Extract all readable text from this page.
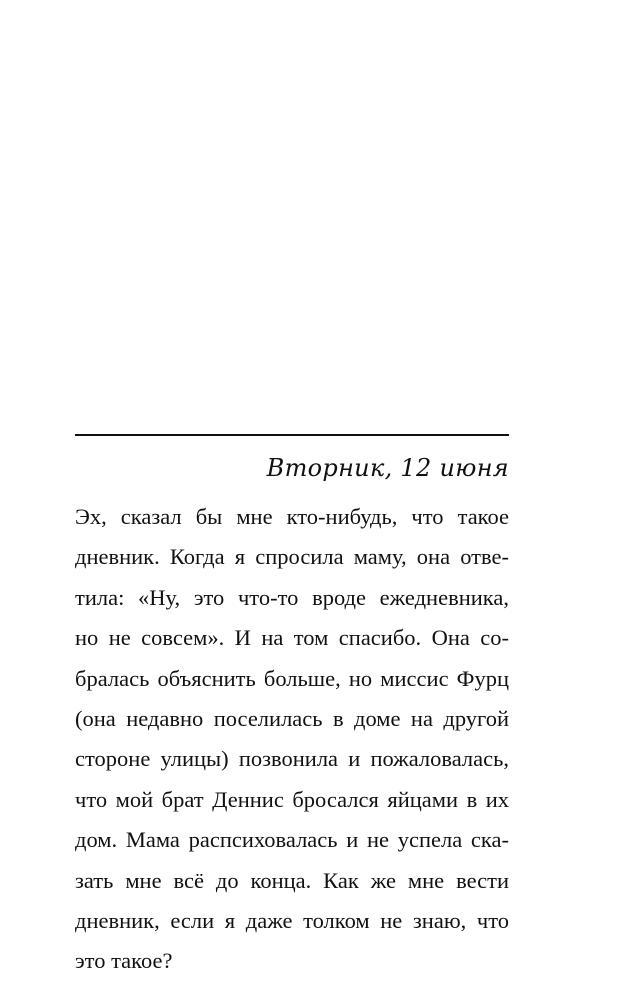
Вторник, 12 июня
Эх, сказал бы мне кто-нибудь, что такое
дневник. Когда я спросила маму, она отве-
тила: «Ну, это что-то вроде ежедневника,
но не совсем». И на том спасибо. Она со-
бралась объяснить больше, но миссис Фурц
(она недавно поселилась в доме на другой
стороне улицы) позвонила и пожаловалась,
что мой брат Деннис бросался яйцами в их
дом. Мама распсиховалась и не успела ска-
зать мне всё до конца. Как же мне вести
дневник, если я даже толком не знаю, что
это такое?
